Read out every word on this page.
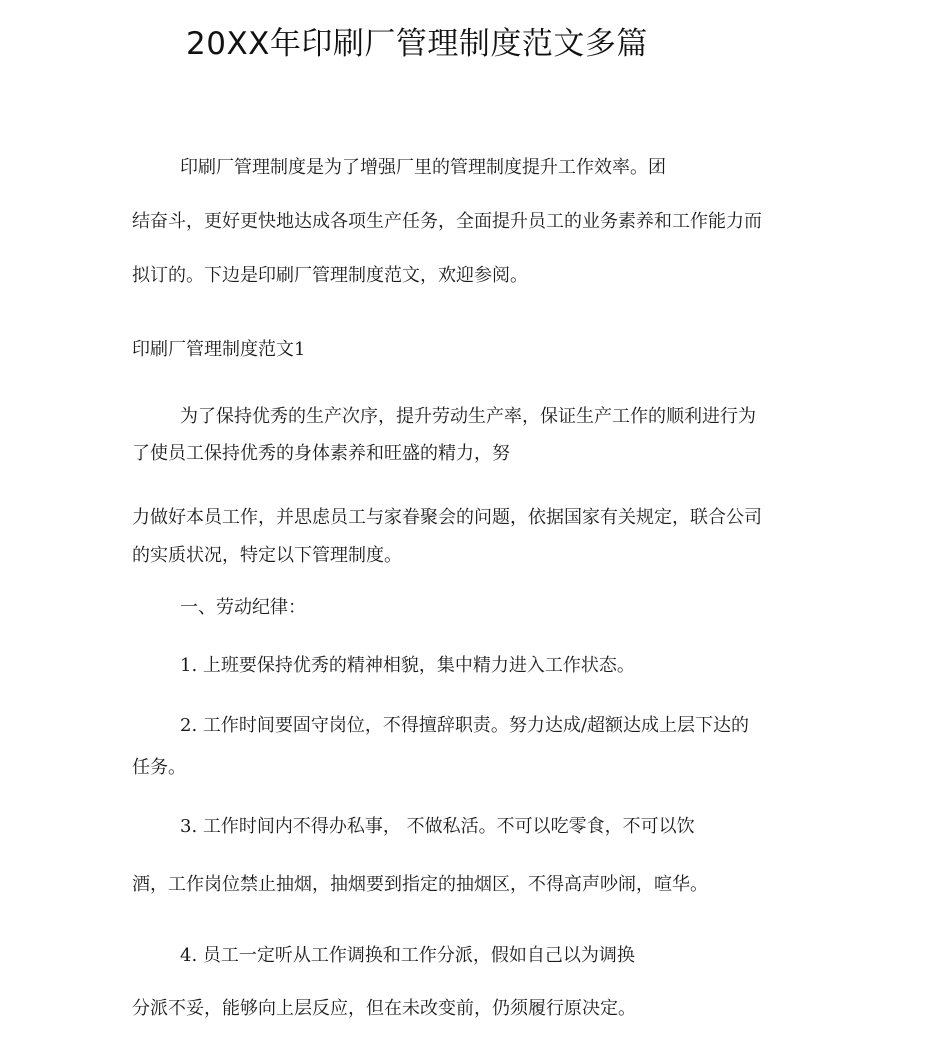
20XX年印刷厂管理制度范文多篇
印刷厂管理制度是为了增强厂里的管理制度提升工作效率。团
结奋斗，更好更快地达成各项生产任务，全面提升员工的业务素养和工作能力而
拟订的。下边是印刷厂管理制度范文，欢迎参阅。
印刷厂管理制度范文1
为了保持优秀的生产次序，提升劳动生产率，保证生产工作的顺利进行为
了使员工保持优秀的身体素养和旺盛的精力，努
力做好本员工作，并思虑员工与家眷聚会的问题，依据国家有关规定，联合公司
的实质状况，特定以下管理制度。
一、劳动纪律：
1. 上班要保持优秀的精神相貌，集中精力进入工作状态。
2. 工作时间要固守岗位，不得擅辞职责。努力达成/超额达成上层下达的
任务。
3. 工作时间内不得办私事， 不做私活。不可以吃零食，不可以饮
酒，工作岗位禁止抽烟，抽烟要到指定的抽烟区，不得高声吵闹，喧华。
4. 员工一定听从工作调换和工作分派，假如自己以为调换
分派不妥，能够向上层反应，但在未改变前，仍须履行原决定。
